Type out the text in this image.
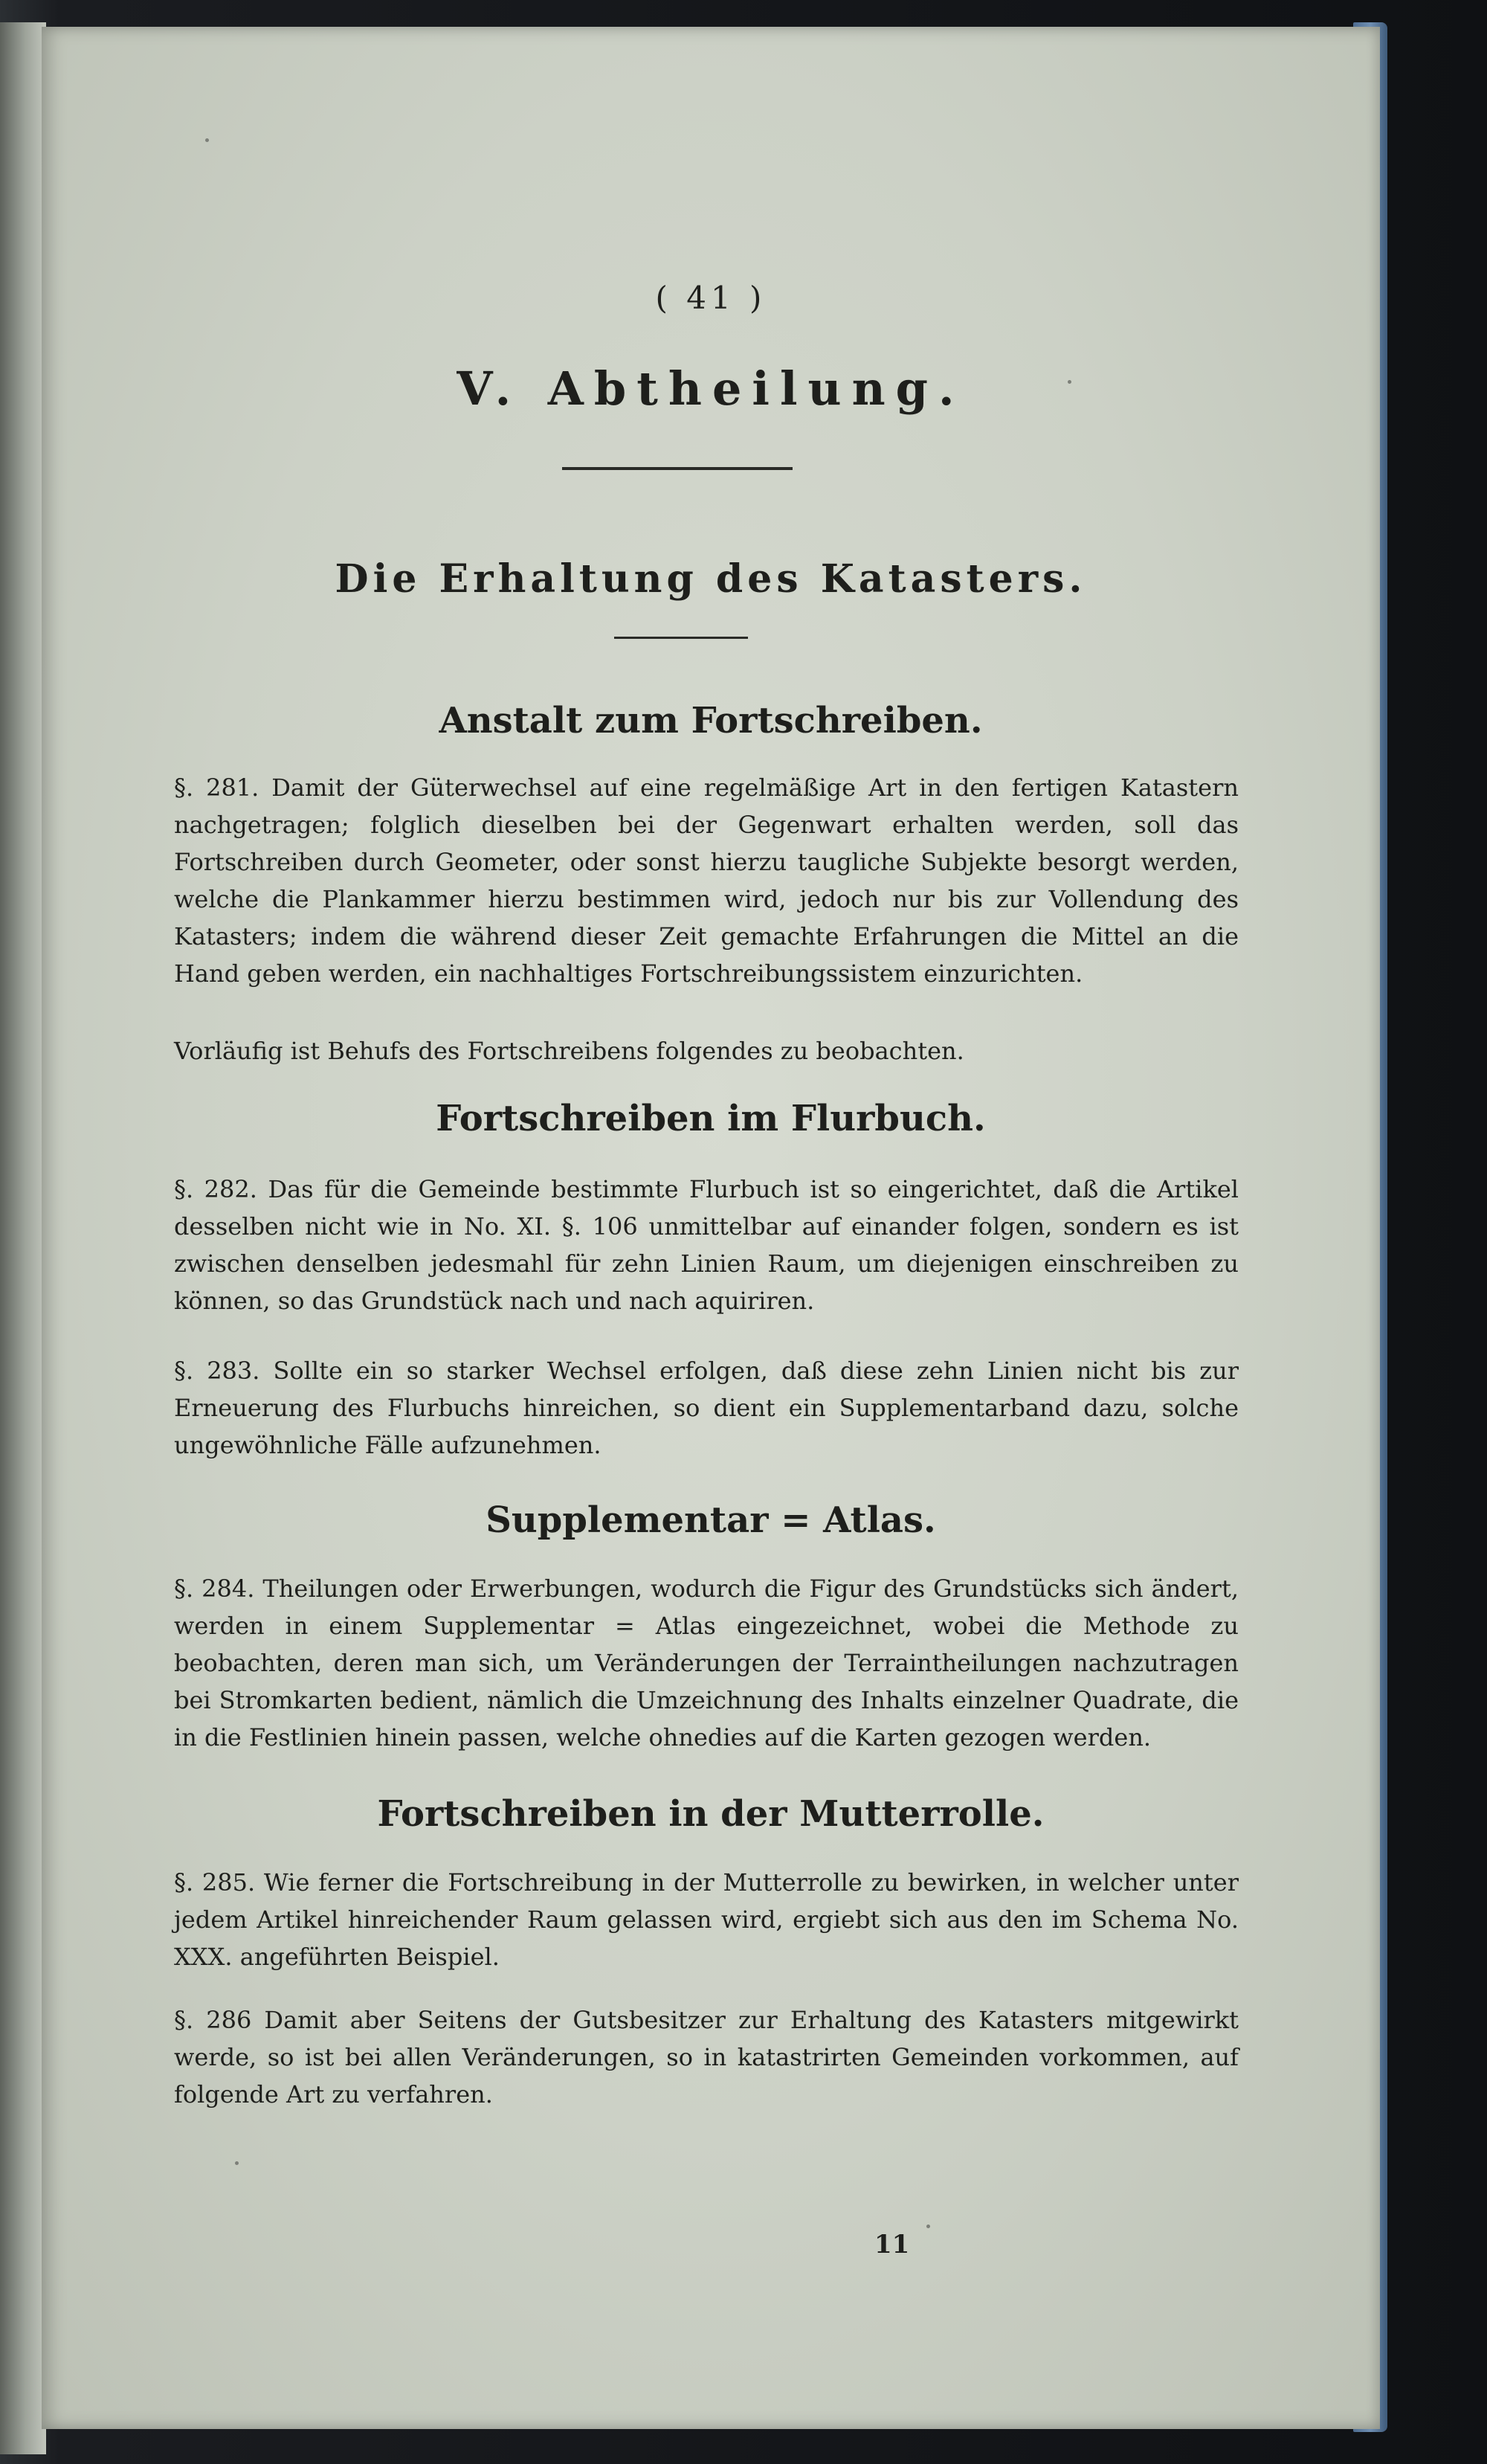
( 41 )
V. Abtheilung.
Die Erhaltung des Katasters.
Anstalt zum Fortschreiben.

§. 281. Damit der Güterwechsel auf eine regelmäßige Art in den fertigen Katastern nachgetragen; folglich dieselben bei der Gegenwart erhalten werden, soll das Fortschreiben durch Geometer, oder sonst hierzu taugliche Subjekte besorgt werden, welche die Plankammer hierzu bestimmen wird, jedoch nur bis zur Vollendung des Katasters; indem die während dieser Zeit gemachte Erfahrungen die Mittel an die Hand geben werden, ein nachhaltiges Fortschreibungssistem einzurichten.

Vorläufig ist Behufs des Fortschreibens folgendes zu beobachten.

Fortschreiben im Flurbuch.

§. 282. Das für die Gemeinde bestimmte Flurbuch ist so eingerichtet, daß die Artikel desselben nicht wie in No. XI. §. 106 unmittelbar auf einander folgen, sondern es ist zwischen denselben jedesmahl für zehn Linien Raum, um diejenigen einschreiben zu können, so das Grundstück nach und nach aquiriren.

§. 283. Sollte ein so starker Wechsel erfolgen, daß diese zehn Linien nicht bis zur Erneuerung des Flurbuchs hinreichen, so dient ein Supplementarband dazu, solche ungewöhnliche Fälle aufzunehmen.

Supplementar = Atlas.

§. 284. Theilungen oder Erwerbungen, wodurch die Figur des Grundstücks sich ändert, werden in einem Supplementar = Atlas eingezeichnet, wobei die Methode zu beobachten, deren man sich, um Veränderungen der Terraintheilungen nachzutragen bei Stromkarten bedient, nämlich die Umzeichnung des Inhalts einzelner Quadrate, die in die Festlinien hinein passen, welche ohnedies auf die Karten gezogen werden.

Fortschreiben in der Mutterrolle.

§. 285. Wie ferner die Fortschreibung in der Mutterrolle zu bewirken, in welcher unter jedem Artikel hinreichender Raum gelassen wird, ergiebt sich aus den im Schema No. XXX. angeführten Beispiel.

§. 286 Damit aber Seitens der Gutsbesitzer zur Erhaltung des Katasters mitgewirkt werde, so ist bei allen Veränderungen, so in katastrirten Gemeinden vorkommen, auf folgende Art zu verfahren.

11
